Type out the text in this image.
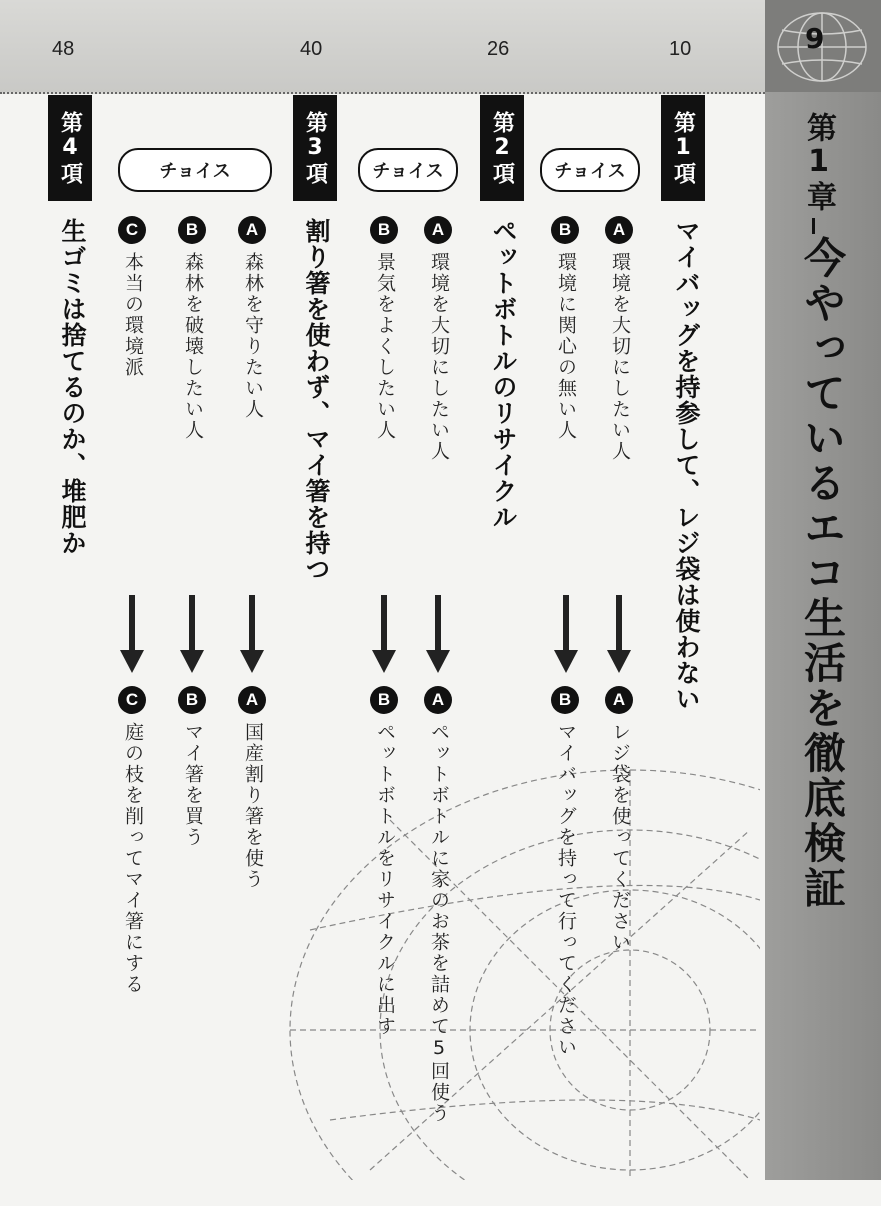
9
48	40	26	10
第1章
今やっているエコ生活を徹底検証
第1項
第2項
第3項
第4項
マイバッグを持参して、レジ袋は使わない
ペットボトルのリサイクル
割り箸を使わず、マイ箸を持つ
生ゴミは捨てるのか、堆肥か
チョイス
チョイス
チョイス
A
環境を大切にしたい人
B
環境に関心の無い人
A
環境を大切にしたい人
B
景気をよくしたい人
A
森林を守りたい人
B
森林を破壊したい人
C
本当の環境派
A
レジ袋を使ってください
B
マイバッグを持って行ってください
A
ペットボトルに家のお茶を詰めて5回使う
B
ペットボトルをリサイクルに出す
A
国産割り箸を使う
B
マイ箸を買う
C
庭の枝を削ってマイ箸にする
